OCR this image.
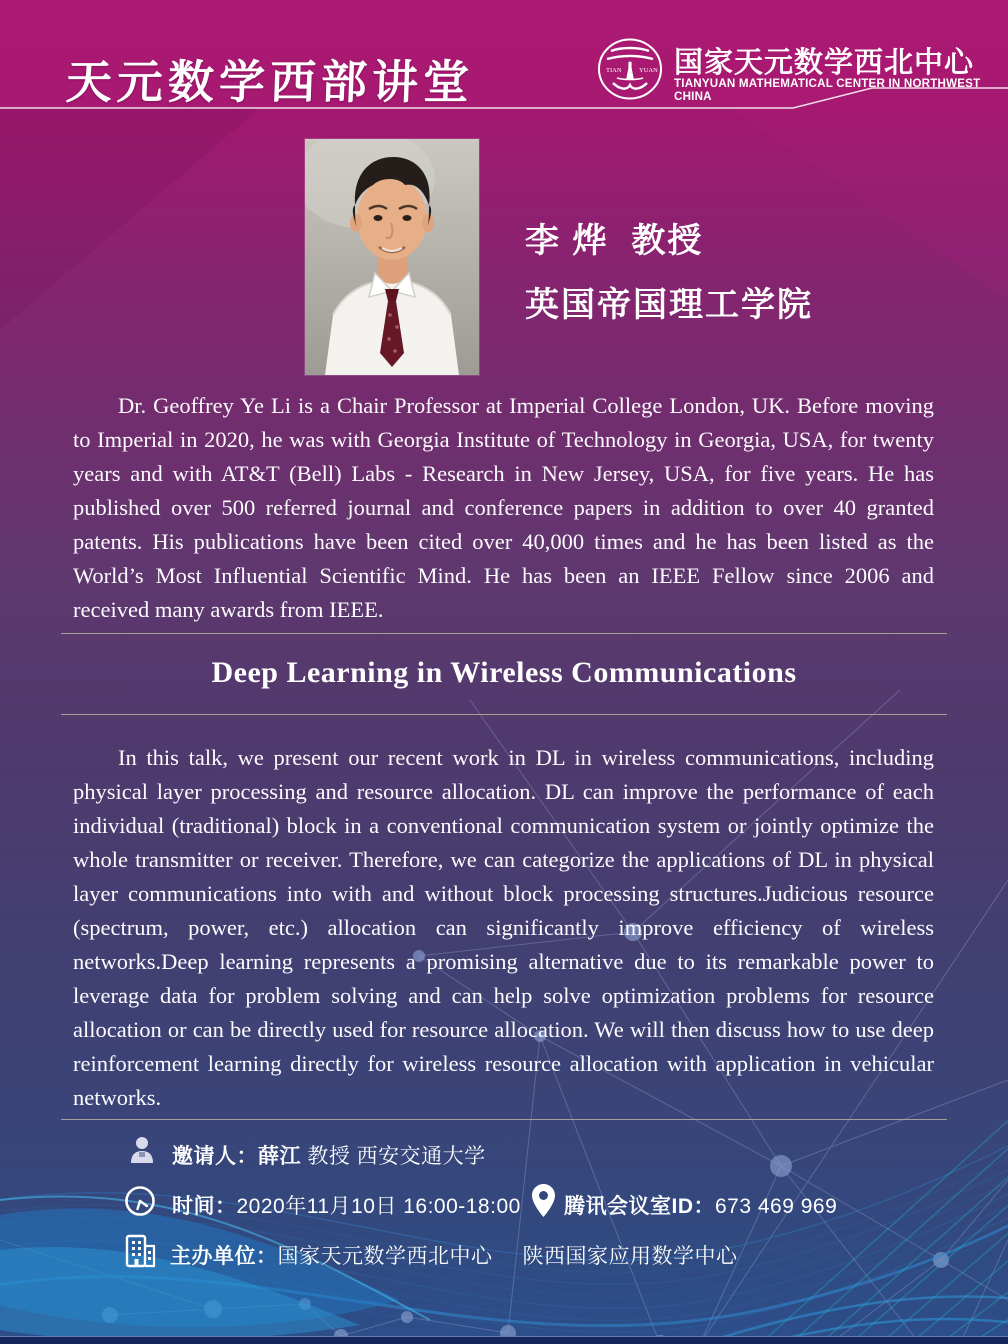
天元数学西部讲堂	TIAN	YUAN 国家天元数学西北中心
TIANYUAN MATHEMATICAL CENTER IN NORTHWEST CHINA
李 烨  教授
英国帝国理工学院
Dr. Geoffrey Ye Li is a Chair Professor at Imperial College London, UK. Before moving to Imperial in 2020, he was with Georgia Institute of Technology in Georgia, USA, for twenty years and with AT&T (Bell) Labs - Research in New Jersey, USA, for five years. He has published over 500 referred journal and conference papers in addition to over 40 granted patents. His publications have been cited over 40,000 times and he has been listed as the World’s Most Influential Scientific Mind. He has been an IEEE Fellow since 2006 and received many awards from IEEE.
Deep Learning in Wireless Communications
In this talk, we present our recent work in DL in wireless communications, including physical layer processing and resource allocation. DL can improve the performance of each individual (traditional) block in a conventional communication system or jointly optimize the whole transmitter or receiver. Therefore, we can categorize the applications of DL in physical layer communications into with and without block processing structures.Judicious resource (spectrum, power, etc.) allocation can significantly improve efficiency of wireless networks.Deep learning represents a promising alternative due to its remarkable power to leverage data for problem solving and can help solve optimization problems for resource allocation or can be directly used for resource allocation. We will then discuss how to use deep reinforcement learning directly for wireless resource allocation with application in vehicular networks.
邀请人：薛江 教授 西安交通大学
时间：2020年11月10日 16:00-18:00 腾讯会议室ID：673 469 969
主办单位：国家天元数学西北中心 陕西国家应用数学中心
